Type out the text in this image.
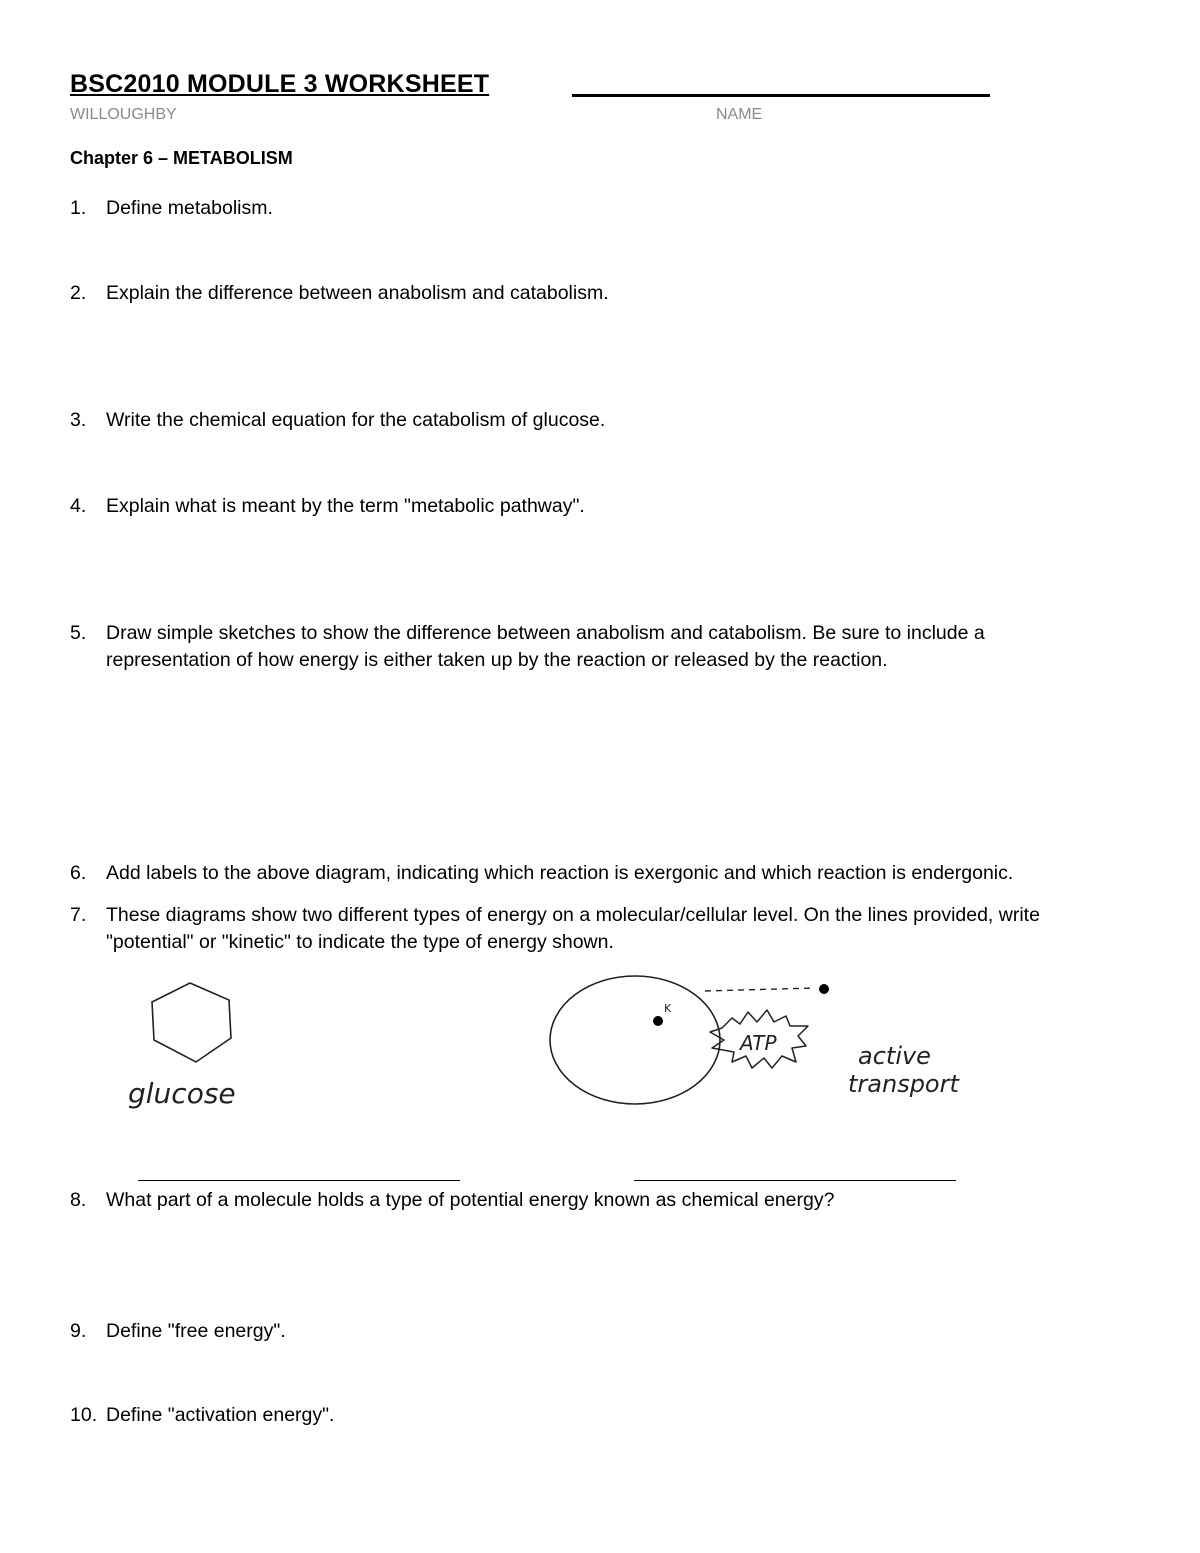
BSC2010 MODULE 3 WORKSHEET
WILLOUGHBY	NAME
Chapter 6 – METABOLISM
1. Define metabolism.
2. Explain the difference between anabolism and catabolism.
3. Write the chemical equation for the catabolism of glucose.
4. Explain what is meant by the term "metabolic pathway".
5. Draw simple sketches to show the difference between anabolism and catabolism. Be sure to include a representation of how energy is either taken up by the reaction or released by the reaction.
6. Add labels to the above diagram, indicating which reaction is exergonic and which reaction is endergonic.
7. These diagrams show two different types of energy on a molecular/cellular level. On the lines provided, write "potential" or "kinetic" to indicate the type of energy shown.
glucose
K
ATP	active
transport
8. What part of a molecule holds a type of potential energy known as chemical energy?
9. Define "free energy".
10. Define "activation energy".
